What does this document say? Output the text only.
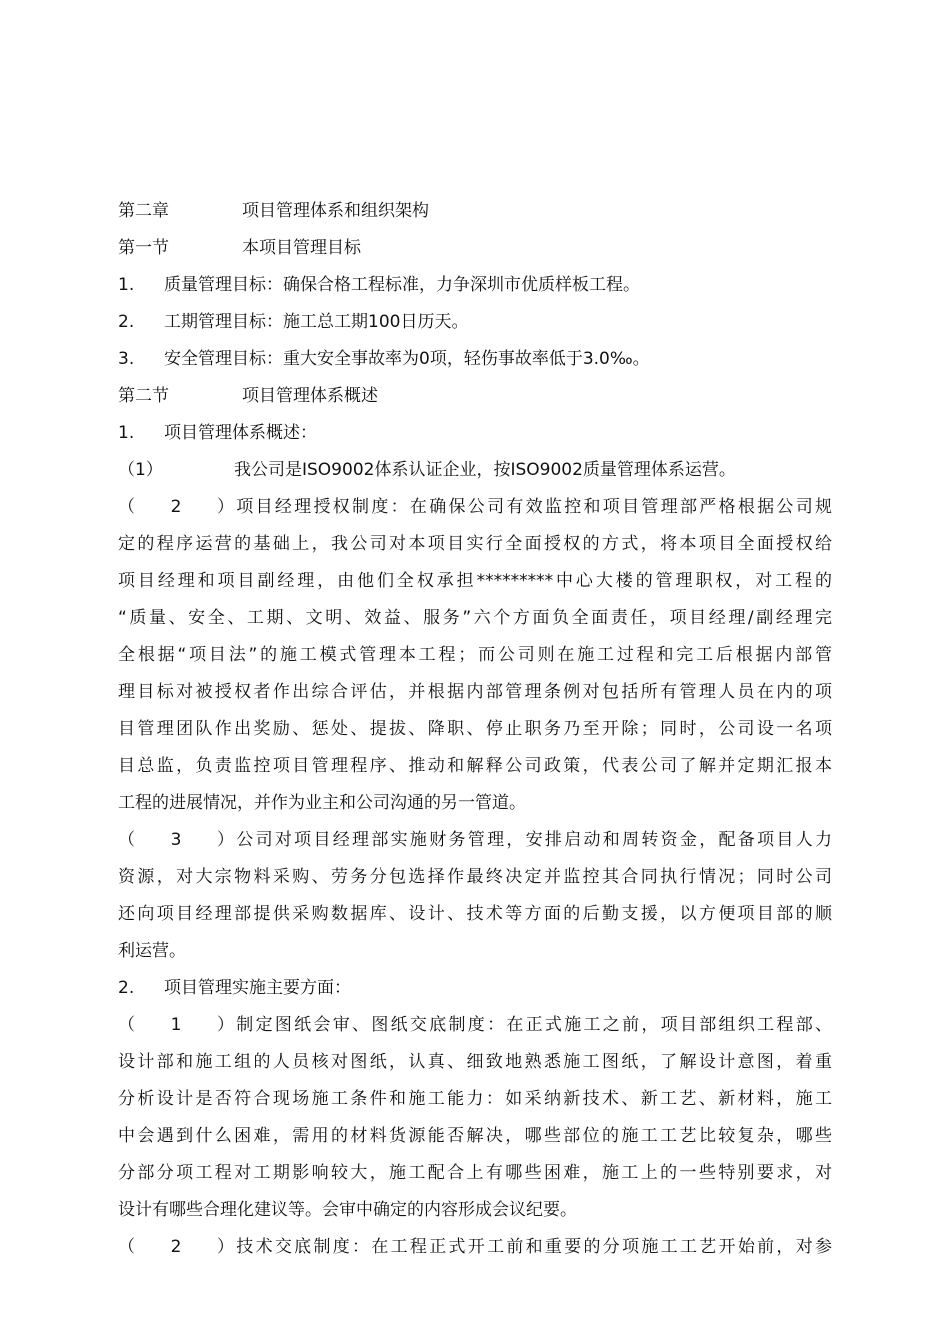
第二章	项目管理体系和组织架构
第一节	本项目管理目标
1. 质量管理目标：确保合格工程标准，力争深圳市优质样板工程。
2. 工期管理目标：施工总工期100日历天。
3. 安全管理目标：重大安全事故率为0项，轻伤事故率低于3.0‰。
第二节	项目管理体系概述
1. 项目管理体系概述：
（1）	我公司是ISO9002体系认证企业，按ISO9002质量管理体系运营。
（2）项目经理授权制度：在确保公司有效监控和项目管理部严格根据公司规
定的程序运营的基础上，我公司对本项目实行全面授权的方式，将本项目全面授权给
项目经理和项目副经理，由他们全权承担*********中心大楼的管理职权，对工程的
“质量、安全、工期、文明、效益、服务”六个方面负全面责任，项目经理/副经理完
全根据“项目法”的施工模式管理本工程；而公司则在施工过程和完工后根据内部管
理目标对被授权者作出综合评估，并根据内部管理条例对包括所有管理人员在内的项
目管理团队作出奖励、惩处、提拔、降职、停止职务乃至开除；同时，公司设一名项
目总监，负责监控项目管理程序、推动和解释公司政策，代表公司了解并定期汇报本
工程的进展情况，并作为业主和公司沟通的另一管道。
（3）公司对项目经理部实施财务管理，安排启动和周转资金，配备项目人力
资源，对大宗物料采购、劳务分包选择作最终决定并监控其合同执行情况；同时公司
还向项目经理部提供采购数据库、设计、技术等方面的后勤支援，以方便项目部的顺
利运营。
2. 项目管理实施主要方面：
（1）制定图纸会审、图纸交底制度：在正式施工之前，项目部组织工程部、
设计部和施工组的人员核对图纸，认真、细致地熟悉施工图纸，了解设计意图，着重
分析设计是否符合现场施工条件和施工能力：如采纳新技术、新工艺、新材料，施工
中会遇到什么困难，需用的材料货源能否解决，哪些部位的施工工艺比较复杂，哪些
分部分项工程对工期影响较大，施工配合上有哪些困难，施工上的一些特别要求，对
设计有哪些合理化建议等。会审中确定的内容形成会议纪要。
（2）技术交底制度：在工程正式开工前和重要的分项施工工艺开始前，对参
